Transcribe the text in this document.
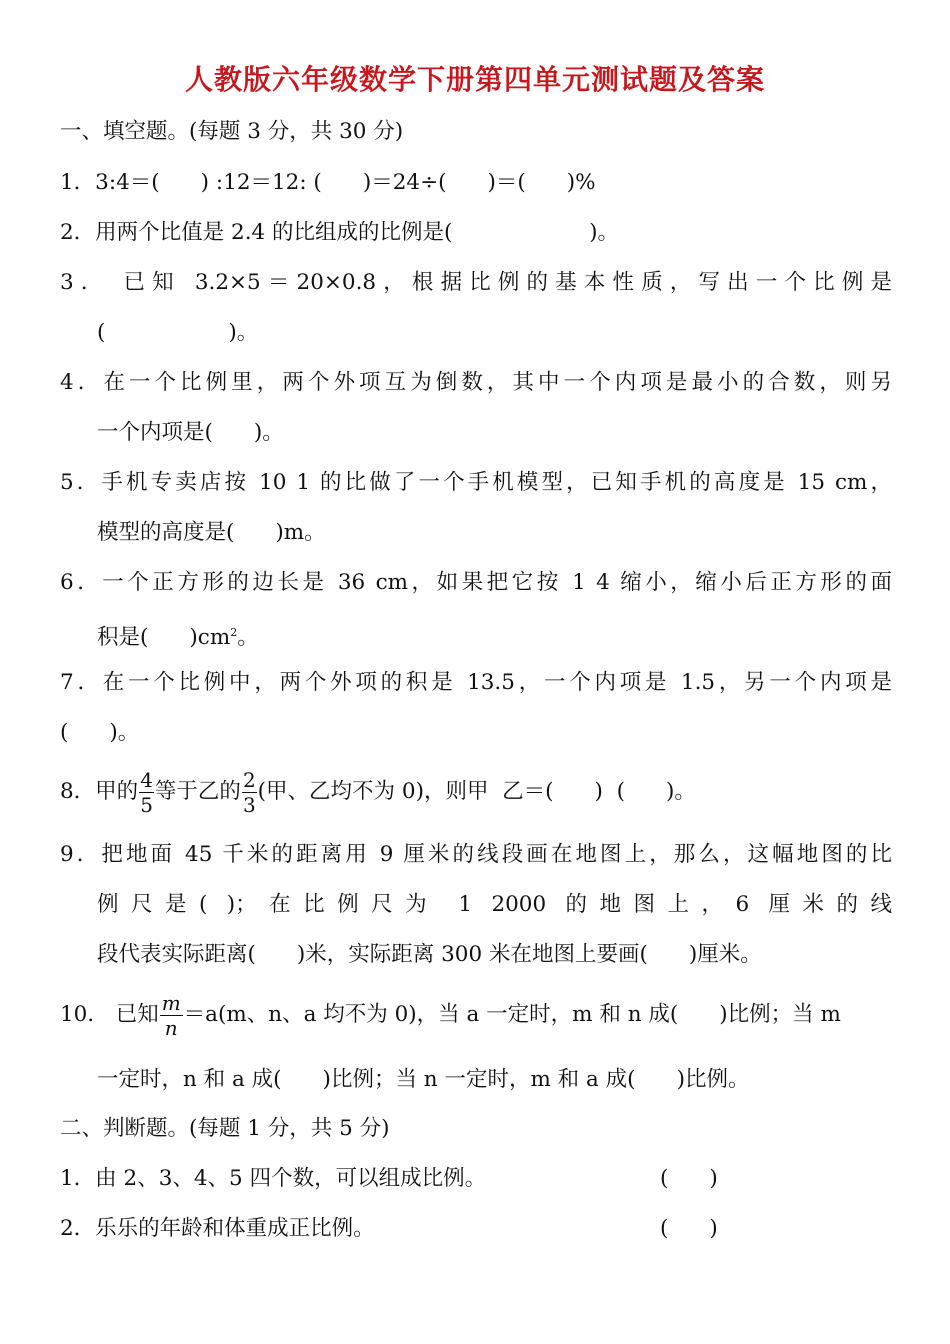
人教版六年级数学下册第四单元测试题及答案
一、填空题。(每题 3 分，共 30 分)
1．3:4＝(      ) :12＝12: (      )＝24÷(      )＝(      )%
2．用两个比值是 2.4 的比组成的比例是(                    )。
3． 已知 3.2×5＝20×0.8，根据比例的基本性质，写出一个比例是
(                  )。
4．在一个比例里，两个外项互为倒数，其中一个内项是最小的合数，则另
一个内项是(      )。
5．手机专卖店按 10 1 的比做了一个手机模型，已知手机的高度是 15 cm，
模型的高度是(      )m。
6．一个正方形的边长是 36 cm，如果把它按 1 4 缩小，缩小后正方形的面
积是(      )$cm^2$。
7．在一个比例中，两个外项的积是 13.5，一个内项是 1.5，另一个内项是
(      )。
8．甲的 $\frac{4}{5}$ 等于乙的 $\frac{2}{3}$ (甲、乙均不为 0)，则甲  乙＝(      )  (      )。
9．把地面 45 千米的距离用 9 厘米的线段画在地图上，那么，这幅地图的比
例尺是( )；在比例尺为 1 2000 的地图上，6 厘米的线
段代表实际距离(      )米，实际距离 300 米在地图上要画(      )厘米。
10． 已知 $\frac{m}{n} =a(m$、n、a 均不为 0)，当 a 一定时，m 和 n 成(      )比例；当 m
一定时，n 和 a 成(      )比例；当 n 一定时，m 和 a 成(      )比例。
二、判断题。(每题 1 分，共 5 分)
1．由 2、3、4、5 四个数，可以组成比例。	(      )
2．乐乐的年龄和体重成正比例。	(      )
